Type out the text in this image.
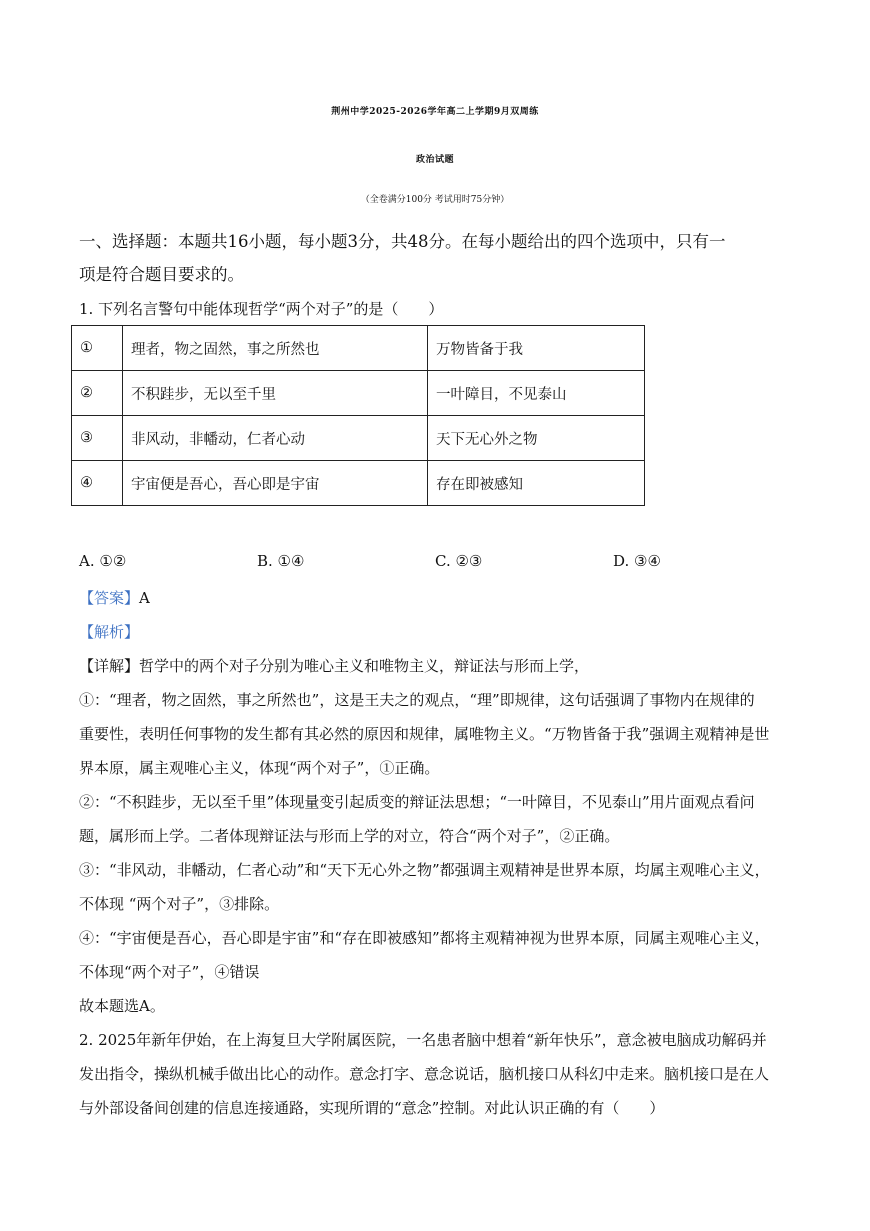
荆州中学2025-2026学年高二上学期9月双周练
政治试题
（全卷满分100分 考试用时75分钟）
一、选择题：本题共16小题，每小题3分，共48分。在每小题给出的四个选项中，只有一
项是符合题目要求的。
1. 下列名言警句中能体现哲学“两个对子”的是（　　）
①	理者，物之固然，事之所然也	万物皆备于我
②	不积跬步，无以至千里	一叶障目，不见泰山
③	非风动，非幡动，仁者心动	天下无心外之物
④	宇宙便是吾心，吾心即是宇宙	存在即被感知
A. ①②	B. ①④	C. ②③	D. ③④
【答案】A
【解析】
【详解】哲学中的两个对子分别为唯心主义和唯物主义，辩证法与形而上学，
①：“理者，物之固然，事之所然也”，这是王夫之的观点，“理”即规律，这句话强调了事物内在规律的
重要性，表明任何事物的发生都有其必然的原因和规律，属唯物主义。“万物皆备于我”强调主观精神是世
界本原，属主观唯心主义，体现“两个对子”，①正确。
②：“不积跬步，无以至千里”体现量变引起质变的辩证法思想；“一叶障目，不见泰山”用片面观点看问
题，属形而上学。二者体现辩证法与形而上学的对立，符合“两个对子”，②正确。
③：“非风动，非幡动，仁者心动”和“天下无心外之物”都强调主观精神是世界本原，均属主观唯心主义，
不体现 “两个对子”，③排除。
④：“宇宙便是吾心，吾心即是宇宙”和“存在即被感知”都将主观精神视为世界本原，同属主观唯心主义，
不体现“两个对子”，④错误
故本题选A。
2. 2025年新年伊始，在上海复旦大学附属医院，一名患者脑中想着“新年快乐”，意念被电脑成功解码并
发出指令，操纵机械手做出比心的动作。意念打字、意念说话，脑机接口从科幻中走来。脑机接口是在人
与外部设备间创建的信息连接通路，实现所谓的“意念”控制。对此认识正确的有（　　）
